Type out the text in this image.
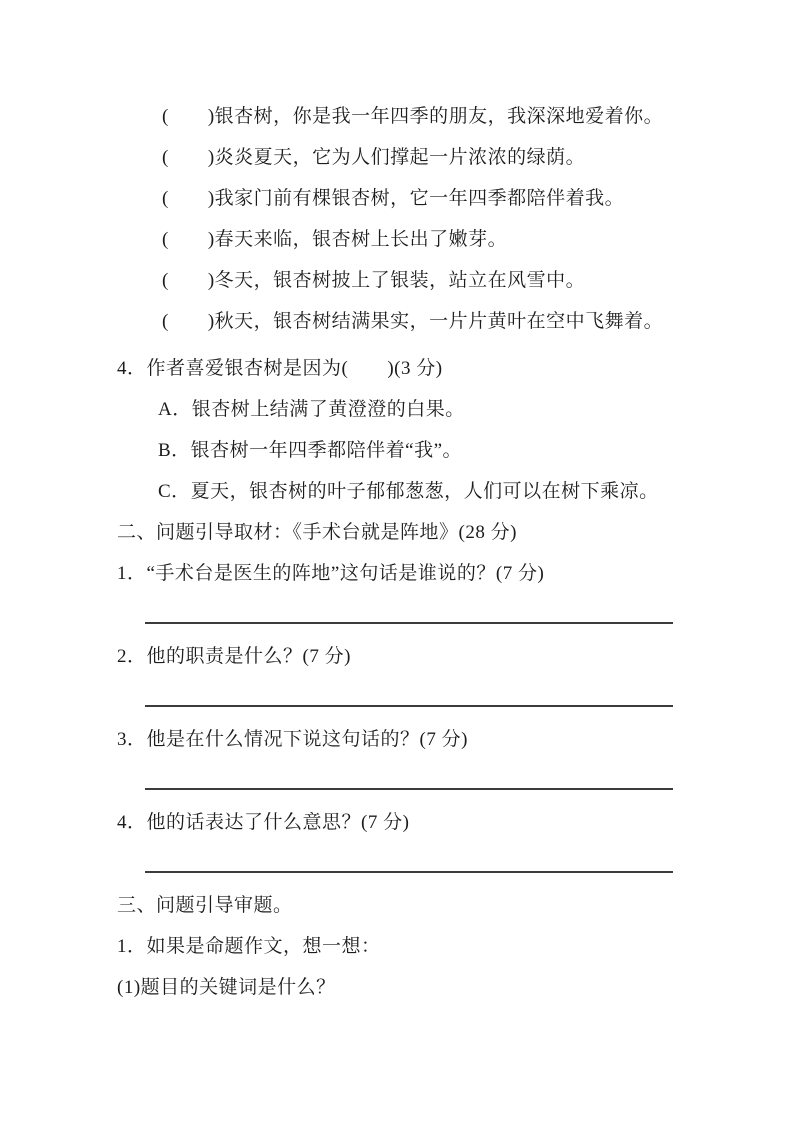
(　　)银杏树，你是我一年四季的朋友，我深深地爱着你。

(　　)炎炎夏天，它为人们撑起一片浓浓的绿荫。

(　　)我家门前有棵银杏树，它一年四季都陪伴着我。

(　　)春天来临，银杏树上长出了嫩芽。

(　　)冬天，银杏树披上了银装，站立在风雪中。

(　　)秋天，银杏树结满果实，一片片黄叶在空中飞舞着。

4．作者喜爱银杏树是因为(　　)(3 分)

A．银杏树上结满了黄澄澄的白果。

B．银杏树一年四季都陪伴着“我”。

C．夏天，银杏树的叶子郁郁葱葱，人们可以在树下乘凉。

二、问题引导取材：《手术台就是阵地》(28 分)

1．“手术台是医生的阵地”这句话是谁说的？(7 分)

2．他的职责是什么？(7 分)

3．他是在什么情况下说这句话的？(7 分)

4．他的话表达了什么意思？(7 分)

三、问题引导审题。

1．如果是命题作文，想一想：

(1)题目的关键词是什么？
